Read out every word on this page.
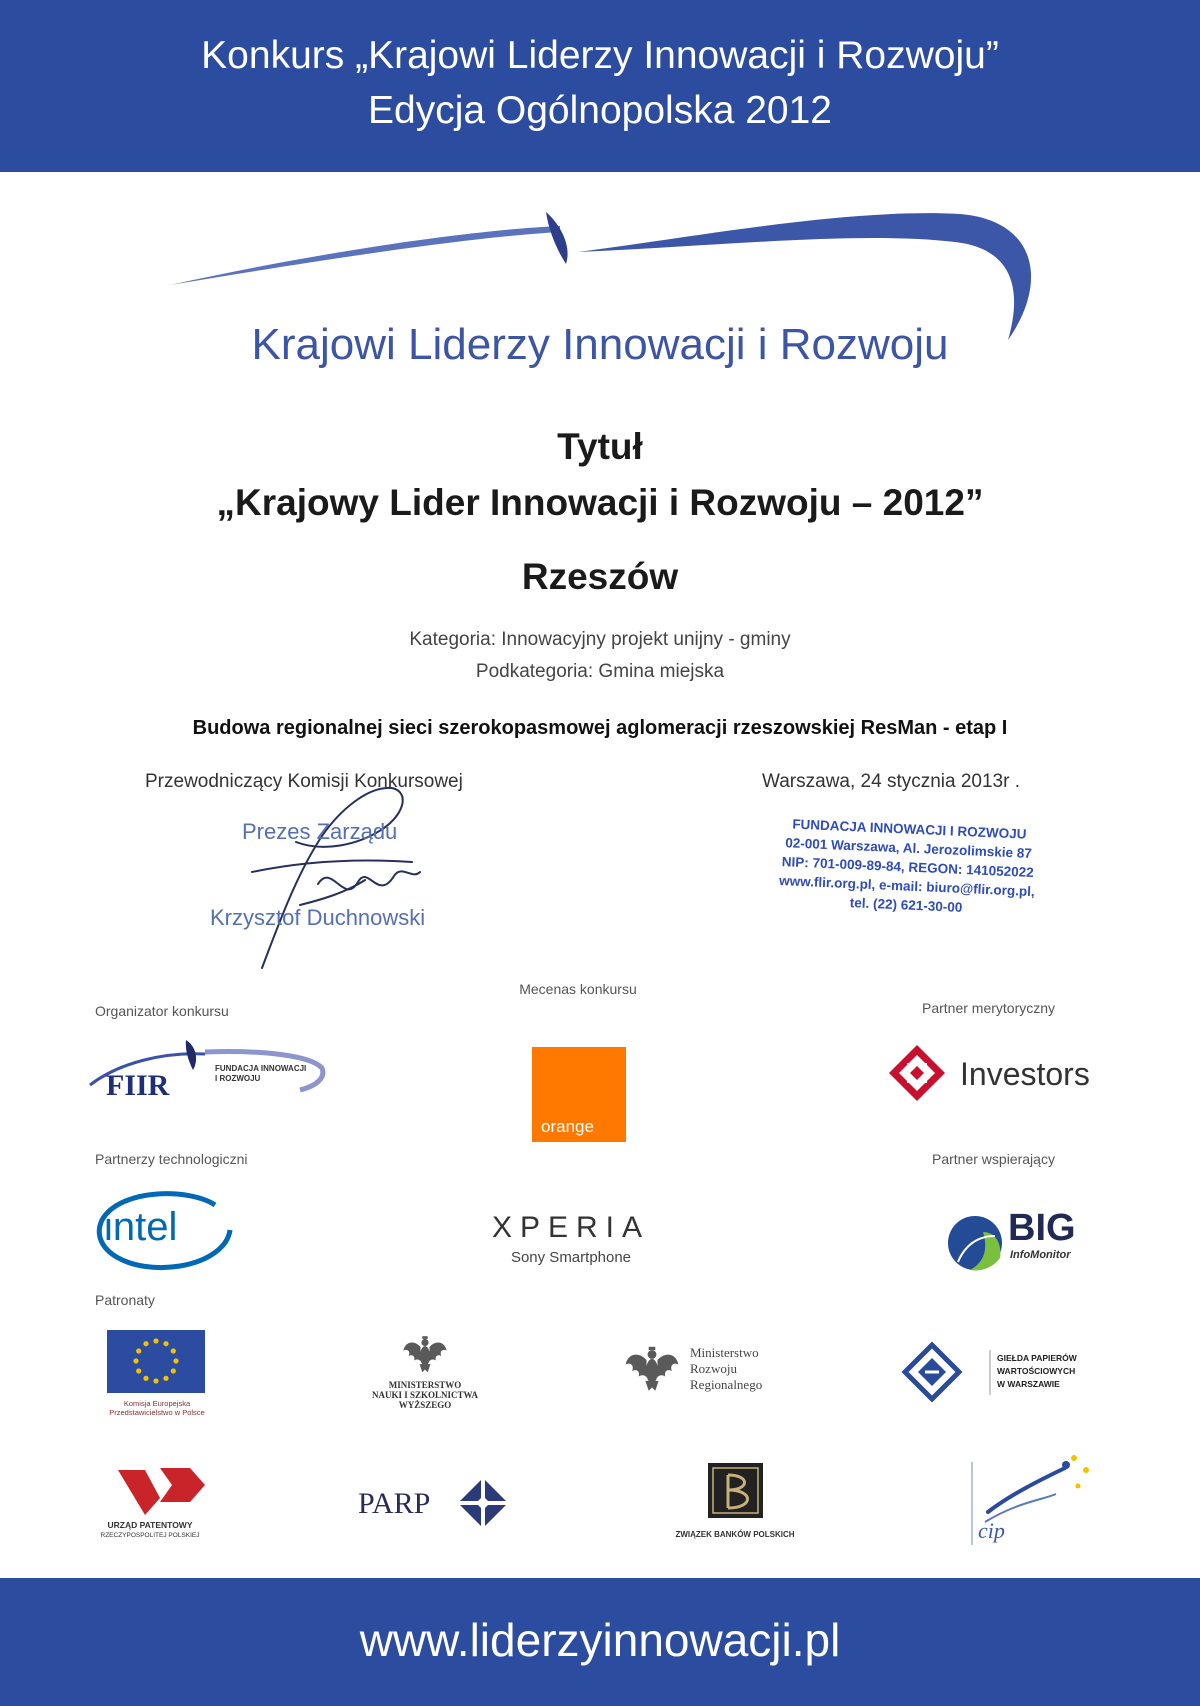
Konkurs „Krajowi Liderzy Innowacji i Rozwoju”
Edycja Ogólnopolska 2012
Krajowi Liderzy Innowacji i Rozwoju
Tytuł
„Krajowy Lider Innowacji i Rozwoju – 2012”
Rzeszów
Kategoria: Innowacyjny projekt unijny - gminy
Podkategoria: Gmina miejska
Budowa regionalnej sieci szerokopasmowej aglomeracji rzeszowskiej ResMan - etap I
Przewodniczący Komisji Konkursowej	Warszawa, 24 stycznia 2013r .
Prezes Zarządu
Krzysztof Duchnowski
FUNDACJA INNOWACJI I ROZWOJU
02-001 Warszawa, Al. Jerozolimskie 87
NIP: 701-009-89-84, REGON: 141052022
www.flir.org.pl, e-mail: biuro@flir.org.pl,
tel. (22) 621-30-00
Mecenas konkursu
Organizator konkursu	Partner merytoryczny
FIIR
FUNDACJA INNOWACJI
I ROZWOJU
orange
Investors
Partnerzy technologiczni	Partner wspierający
intel	XPERIA
Sony Smartphone
BIG
InfoMonitor
Patronaty
Komisja Europejska
Przedstawicielstwo w Polsce
MINISTERSTWO
NAUKI I SZKOLNICTWA
WYŻSZEGO
Ministerstwo
Rozwoju
Regionalnego
GIEŁDA PAPIERÓW
WARTOŚCIOWYCH
W WARSZAWIE
URZĄD PATENTOWY
RZECZYPOSPOLITEJ POLSKIEJ
PARP
ZWIĄZEK BANKÓW POLSKICH	cip
www.liderzyinnowacji.pl
